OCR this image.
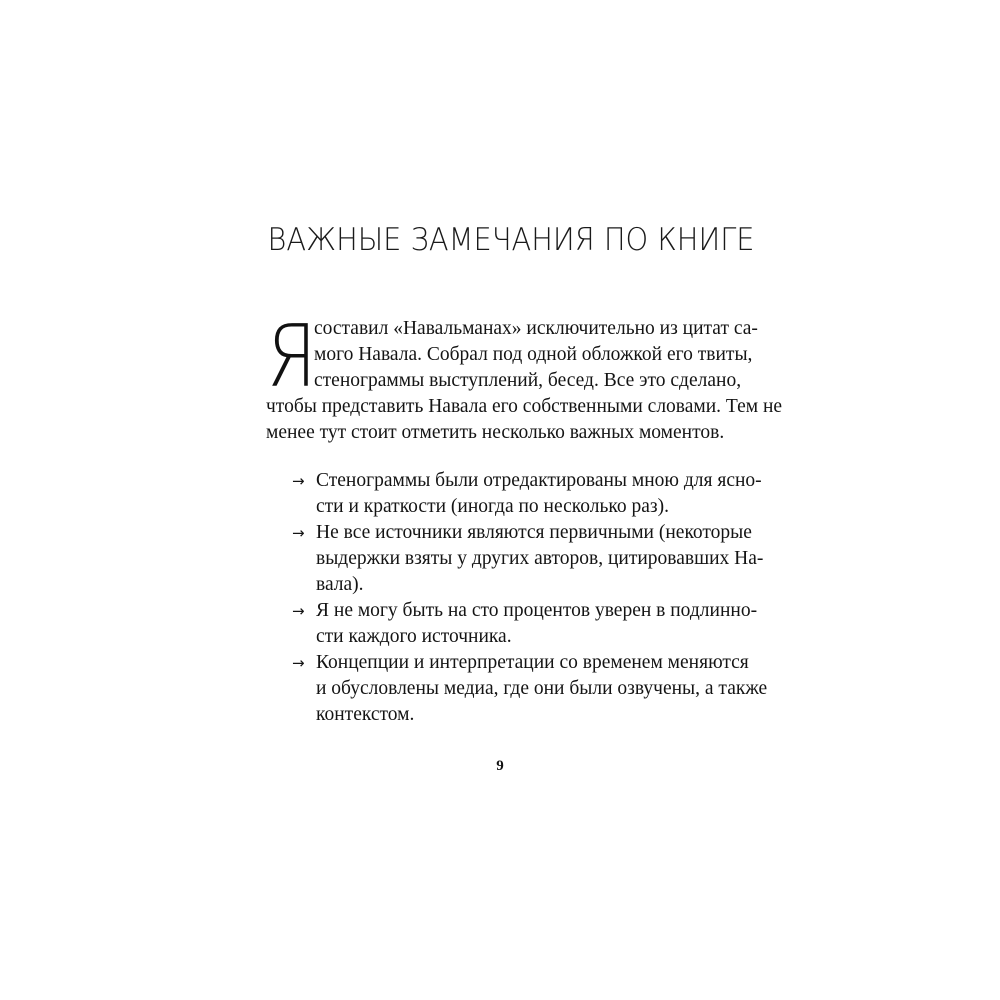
ВАЖНЫЕ ЗАМЕЧАНИЯ ПО КНИГЕ
Я
составил «Навальманах» исключительно из цитат са-
мого Навала. Собрал под одной обложкой его твиты,
стенограммы выступлений, бесед. Все это сделано,
чтобы представить Навала его собственными словами. Тем не
менее тут стоит отметить несколько важных моментов.
→ Стенограммы были отредактированы мною для ясно-
сти и краткости (иногда по несколько раз).
→ Не все источники являются первичными (некоторые
выдержки взяты у других авторов, цитировавших На-
вала).
→ Я не могу быть на сто процентов уверен в подлинно-
сти каждого источника.
→ Концепции и интерпретации со временем меняются
и обусловлены медиа, где они были озвучены, а также
контекстом.
9
